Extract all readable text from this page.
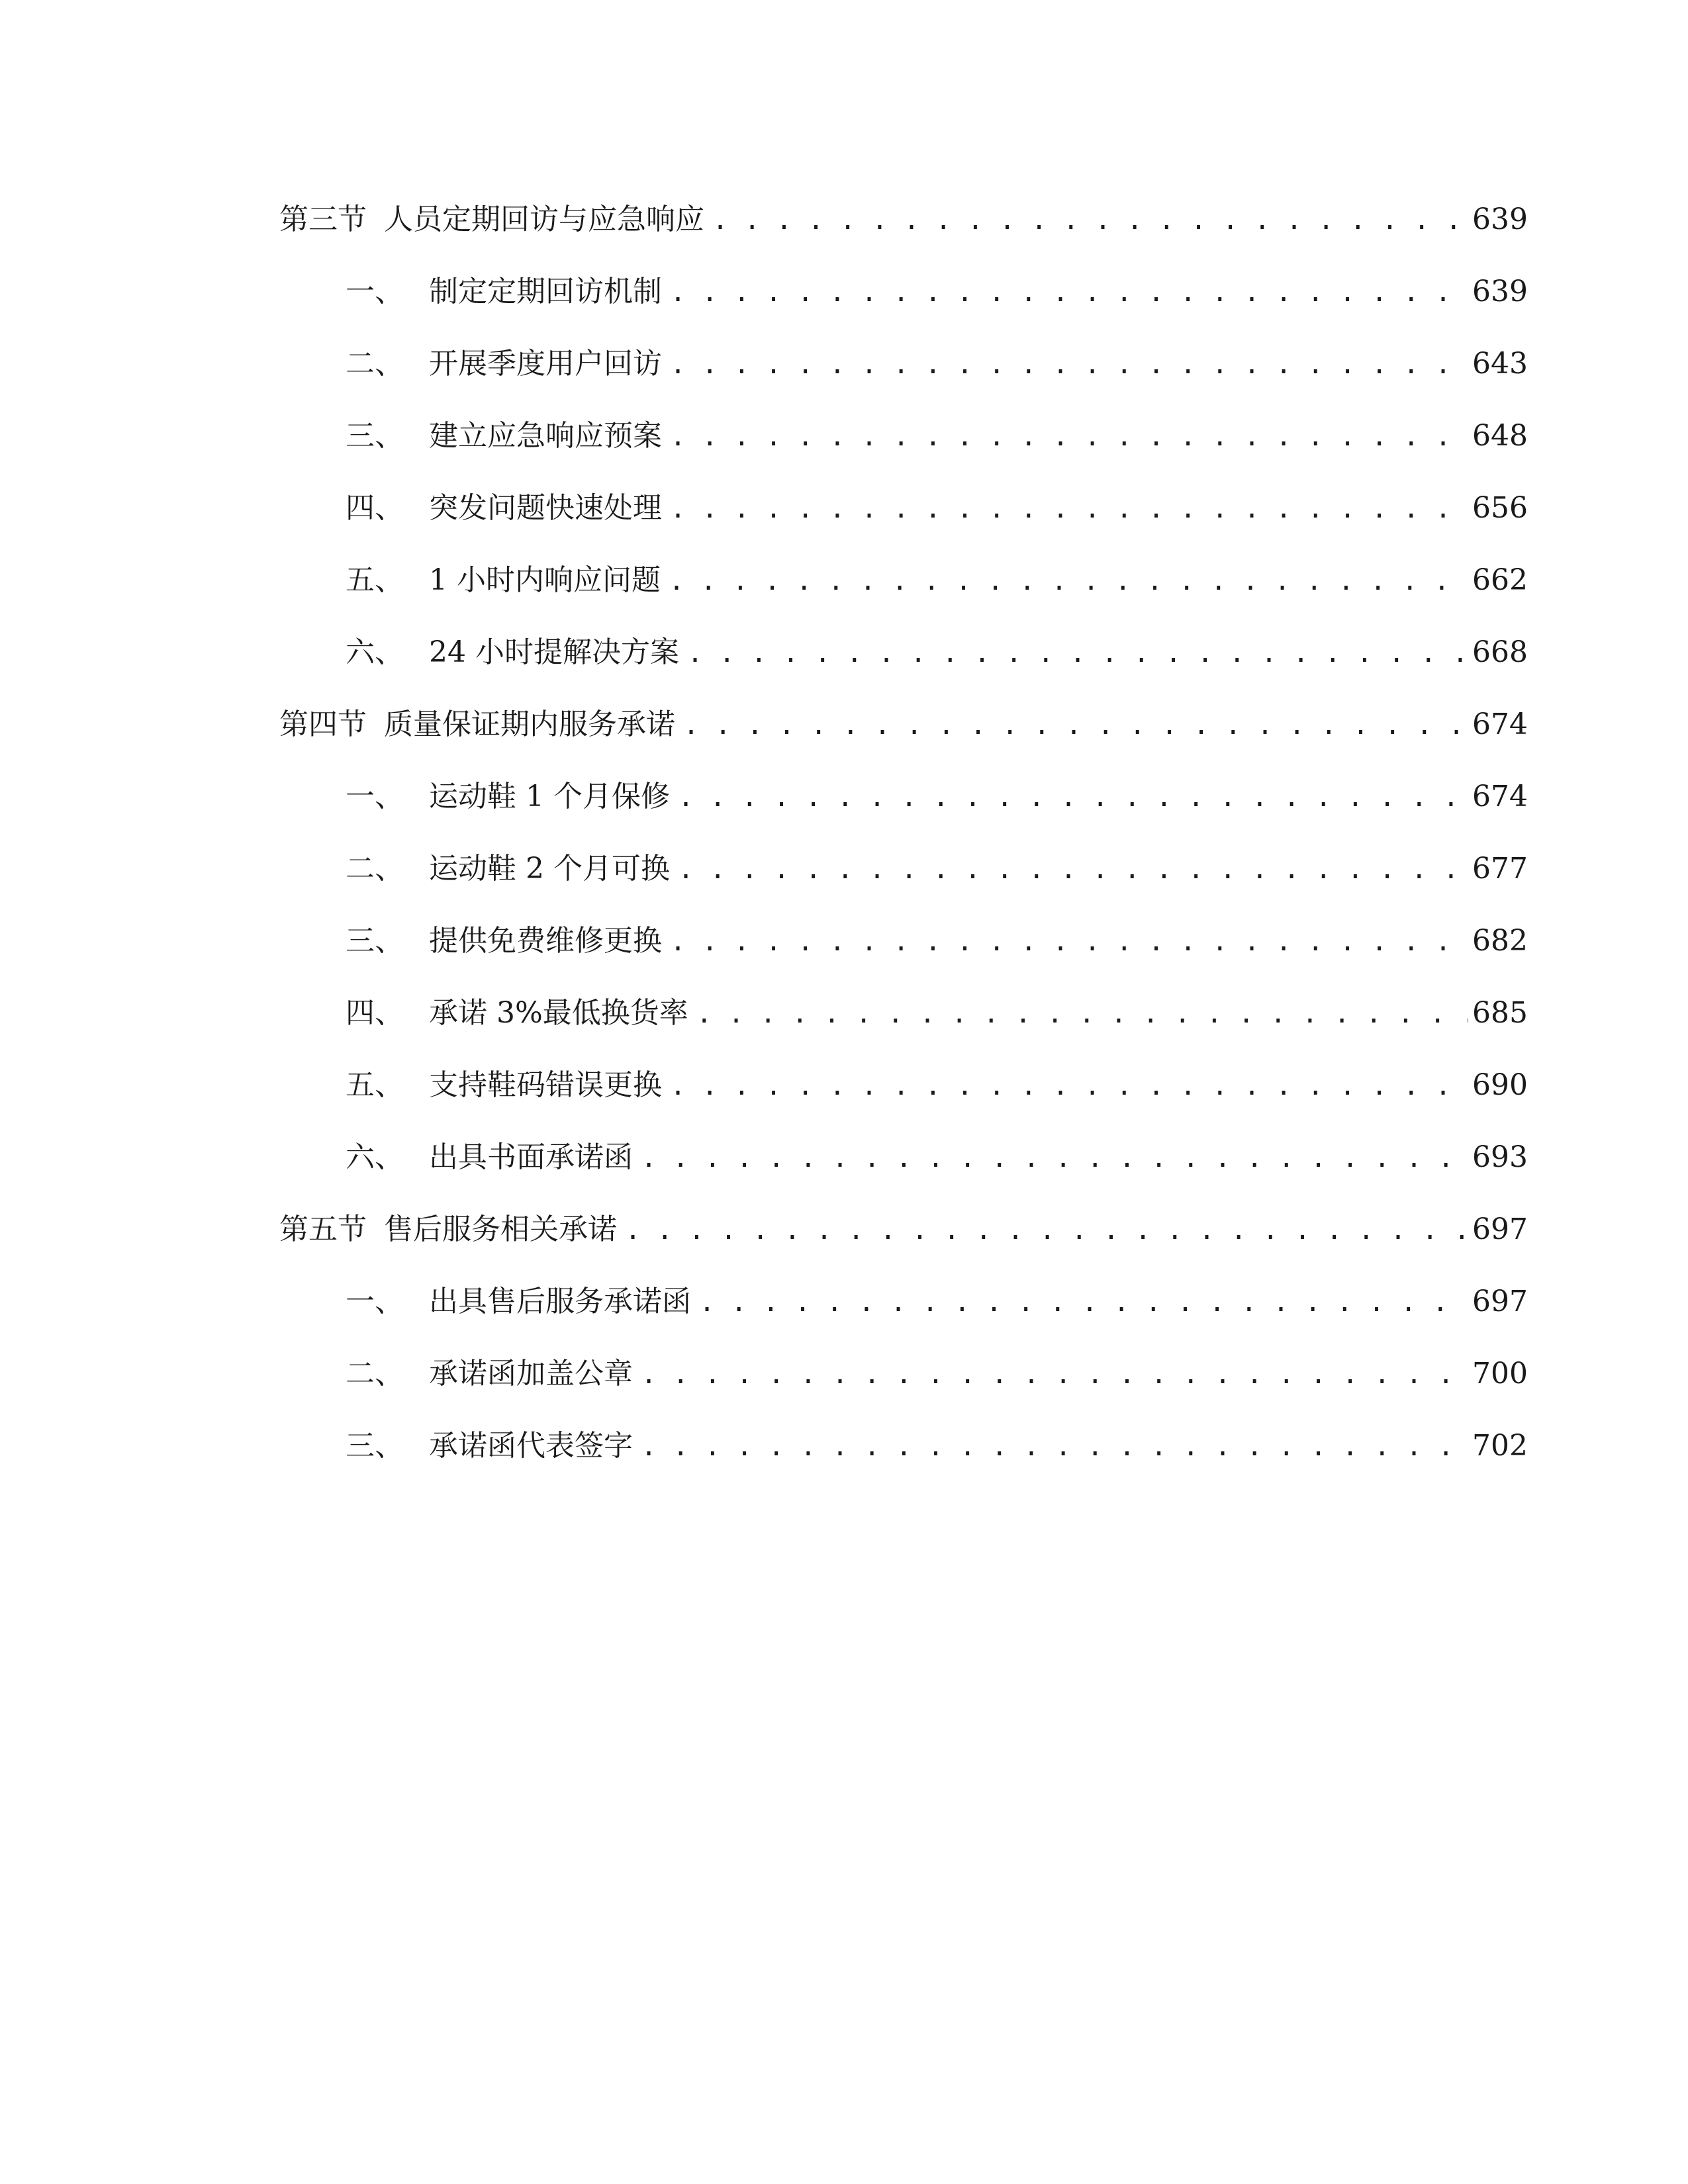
第三节 人员定期回访与应急响应 . . .	639
一、 制定定期回访机制 . . .	639
二、 开展季度用户回访 . . .	643
三、 建立应急响应预案 . . .	648
四、 突发问题快速处理 . . .	656
五、 1 小时内响应问题 . . .	662
六、 24 小时提解决方案 . . .	668
第四节 质量保证期内服务承诺 . . .	674
一、 运动鞋 1 个月保修 . . .	674
二、 运动鞋 2 个月可换 . . .	677
三、 提供免费维修更换 . . .	682
四、 承诺 3%最低换货率 . . .	685
五、 支持鞋码错误更换 . . .	690
六、 出具书面承诺函 . . .	693
第五节 售后服务相关承诺 . . .	697
一、 出具售后服务承诺函 . . .	697
二、 承诺函加盖公章 . . .	700
三、 承诺函代表签字 . . .	702
